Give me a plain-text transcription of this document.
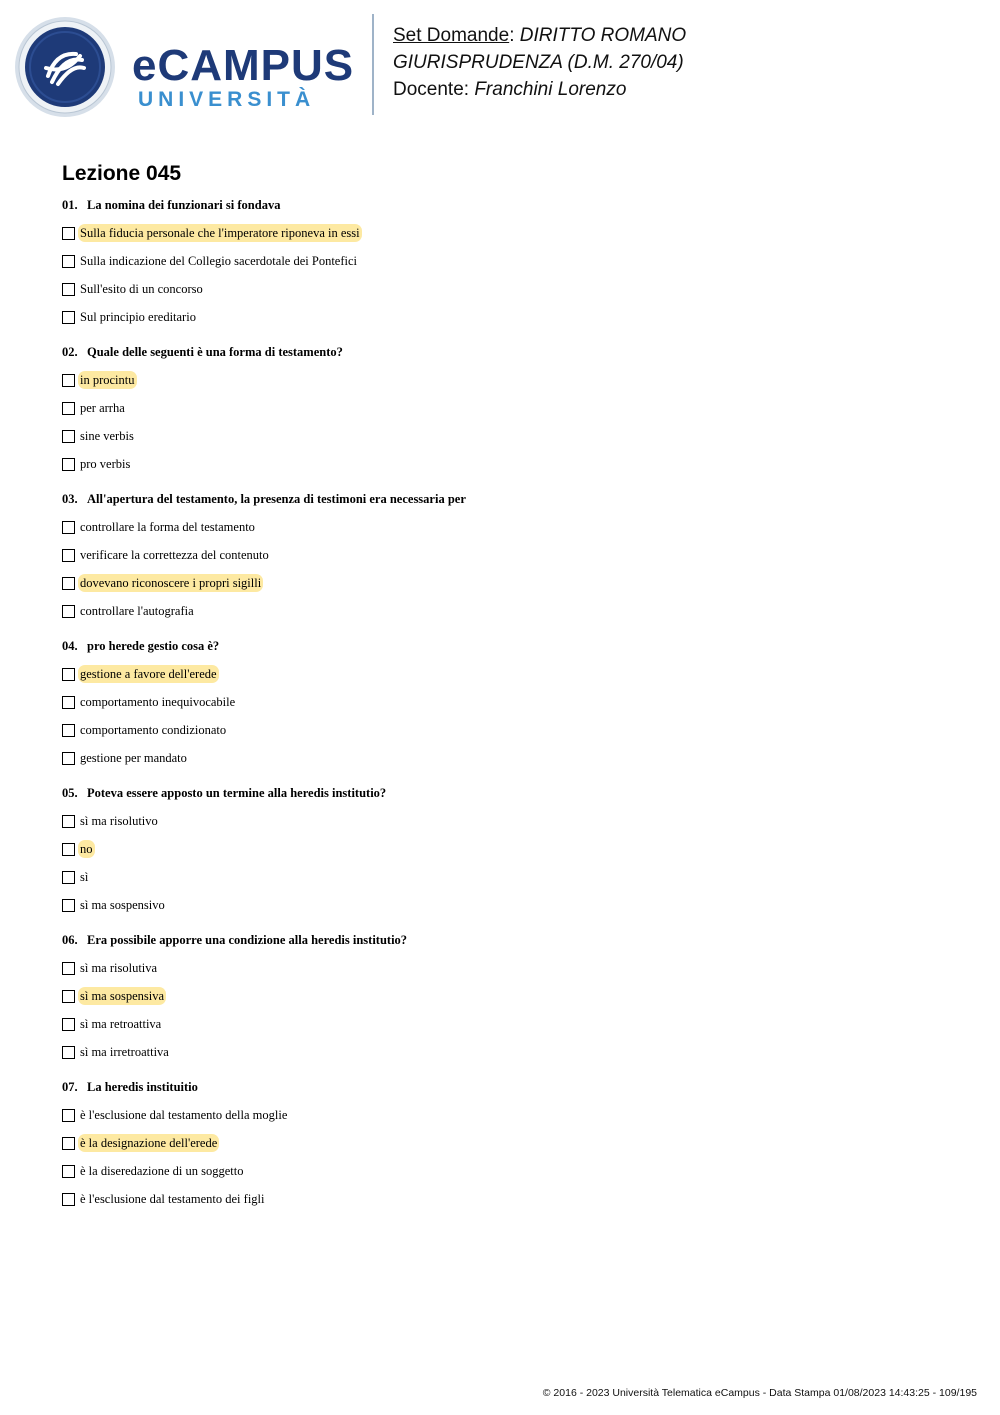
eCAMPUS
UNIVERSITÀ
Set Domande: DIRITTO ROMANO
GIURISPRUDENZA (D.M. 270/04)
Docente: Franchini Lorenzo
Lezione 045

01. La nomina dei funzionari si fondava

Sulla fiducia personale che l'imperatore riponeva in essi
Sulla indicazione del Collegio sacerdotale dei Pontefici
Sull'esito di un concorso
Sul principio ereditario

02. Quale delle seguenti è una forma di testamento?

in procintu
per arrha
sine verbis
pro verbis

03. All'apertura del testamento, la presenza di testimoni era necessaria per

controllare la forma del testamento
verificare la correttezza del contenuto
dovevano riconoscere i propri sigilli
controllare l'autografia

04. pro herede gestio cosa è?

gestione a favore dell'erede
comportamento inequivocabile
comportamento condizionato
gestione per mandato

05. Poteva essere apposto un termine alla heredis institutio?

sì ma risolutivo
no
sì
sì ma sospensivo

06. Era possibile apporre una condizione alla heredis institutio?

sì ma risolutiva
sì ma sospensiva
sì ma retroattiva
sì ma irretroattiva

07. La heredis instituitio

è l'esclusione dal testamento della moglie
è la designazione dell'erede
è la diseredazione di un soggetto
è l'esclusione dal testamento dei figli
© 2016 - 2023 Università Telematica eCampus - Data Stampa 01/08/2023 14:43:25 - 109/195
